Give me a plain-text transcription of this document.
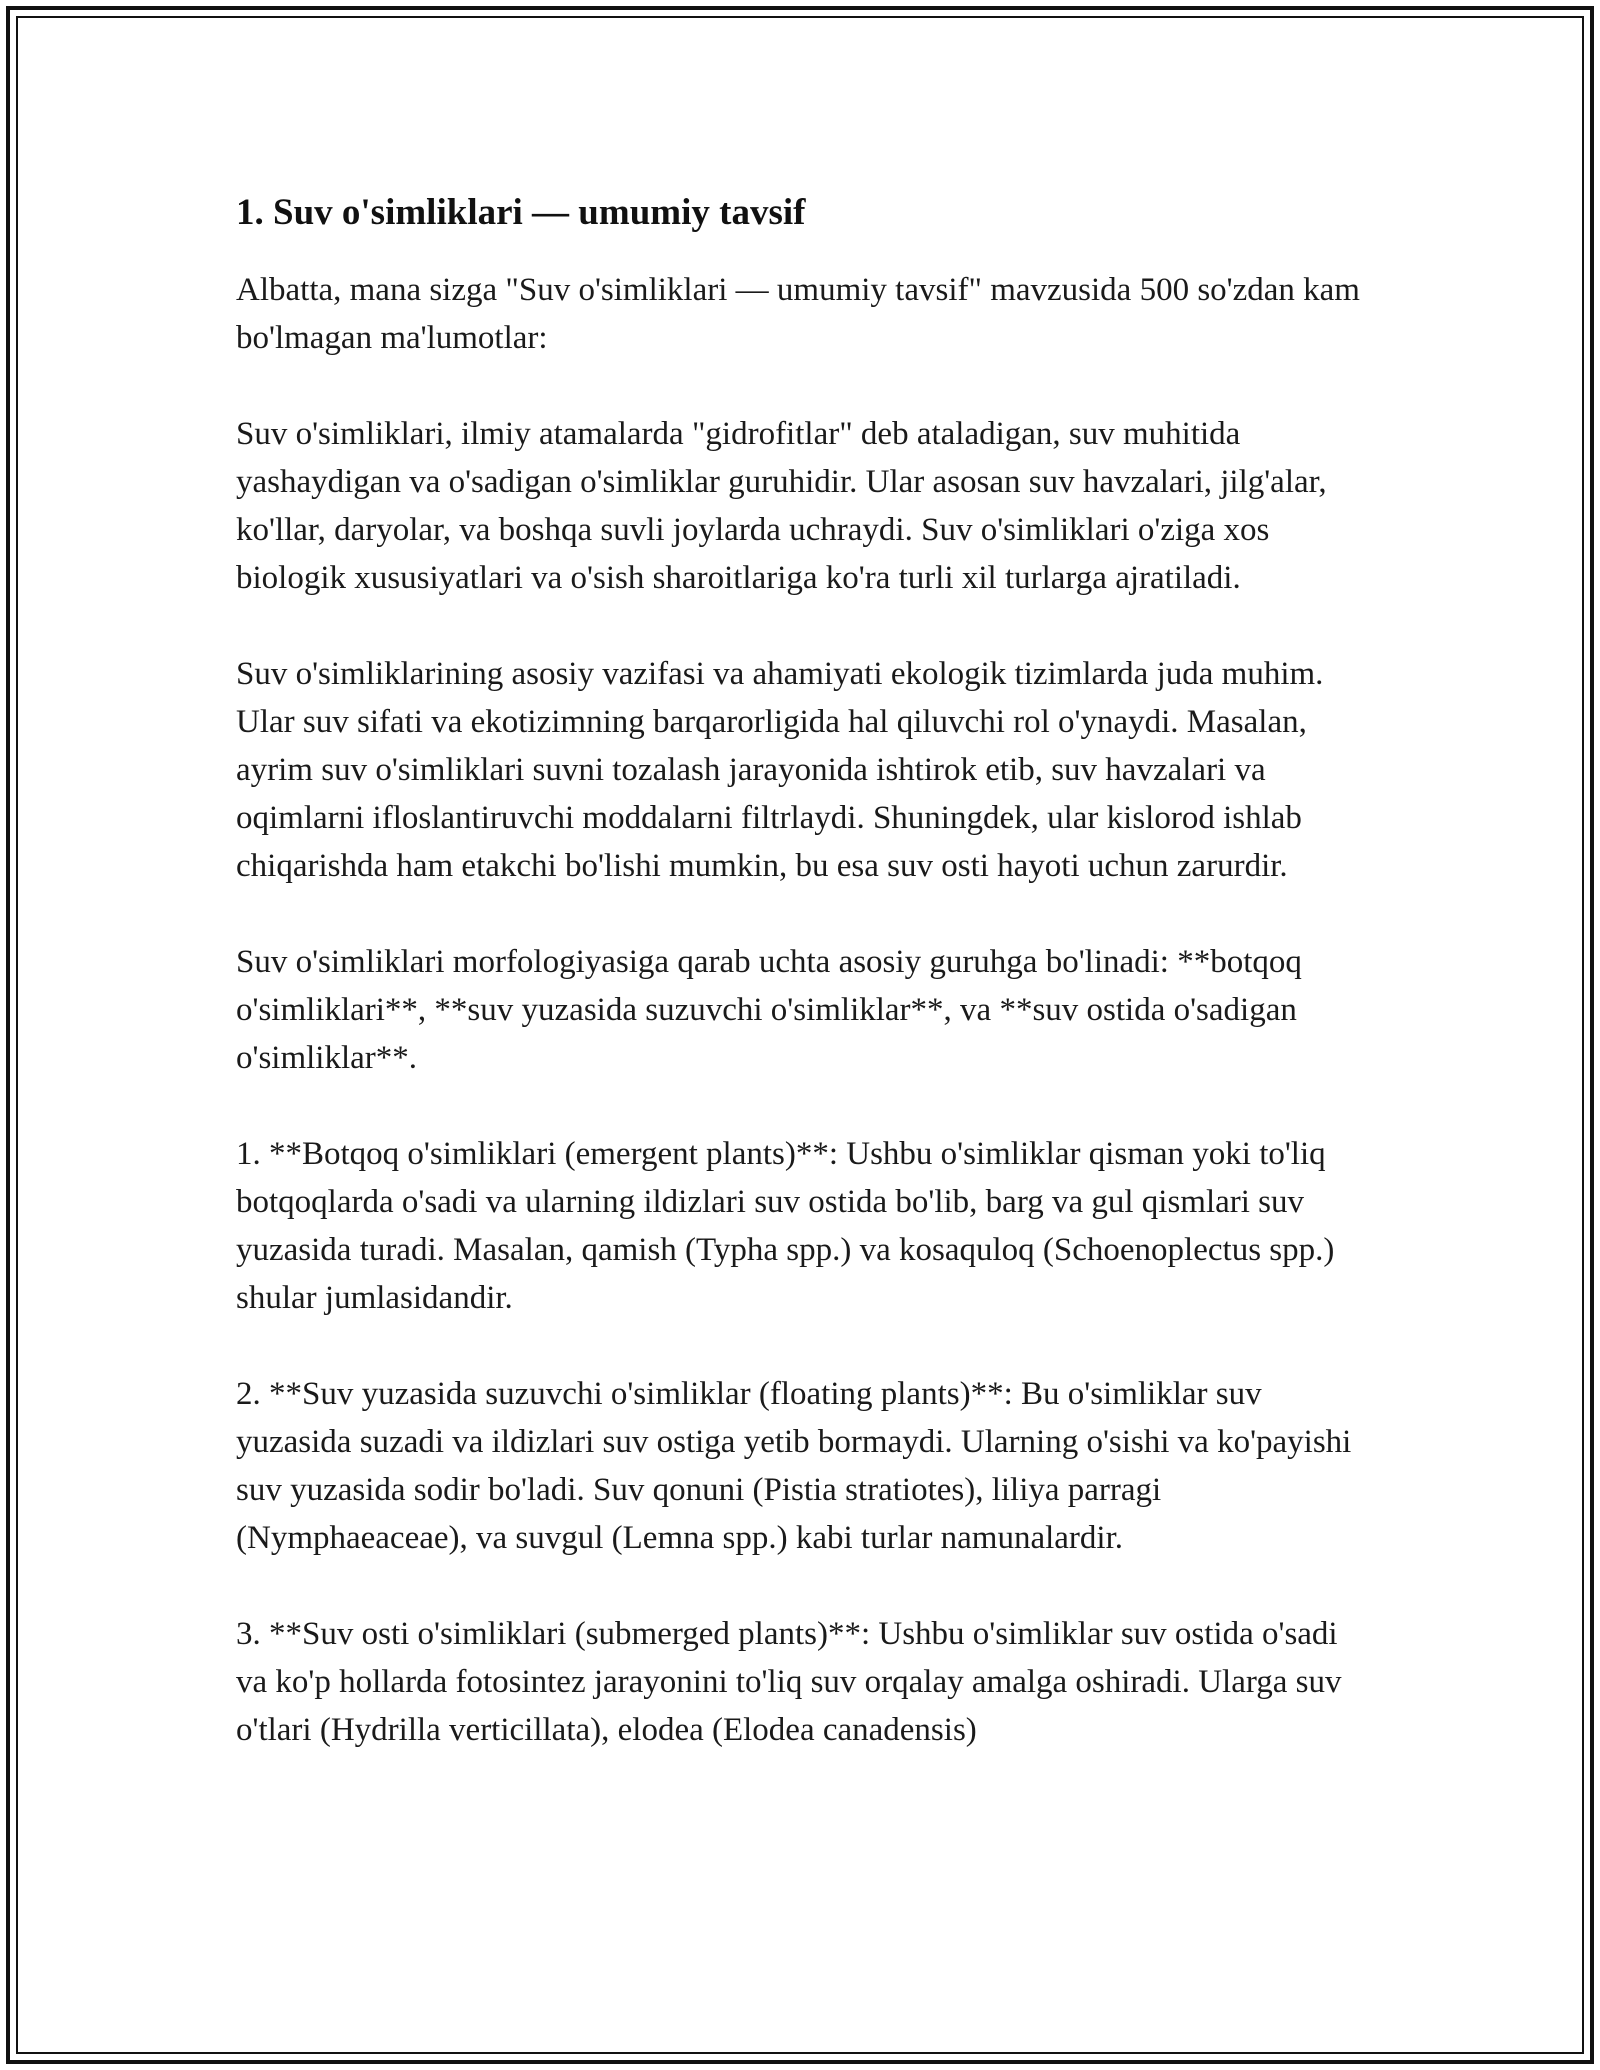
1. Suv o'simliklari — umumiy tavsif

Albatta, mana sizga "Suv o'simliklari — umumiy tavsif" mavzusida 500 so'zdan kam bo'lmagan ma'lumotlar:

Suv o'simliklari, ilmiy atamalarda "gidrofitlar" deb ataladigan, suv muhitida yashaydigan va o'sadigan o'simliklar guruhidir. Ular asosan suv havzalari, jilg'alar, ko'llar, daryolar, va boshqa suvli joylarda uchraydi. Suv o'simliklari o'ziga xos biologik xususiyatlari va o'sish sharoitlariga ko'ra turli xil turlarga ajratiladi.

Suv o'simliklarining asosiy vazifasi va ahamiyati ekologik tizimlarda juda muhim. Ular suv sifati va ekotizimning barqarorligida hal qiluvchi rol o'ynaydi. Masalan, ayrim suv o'simliklari suvni tozalash jarayonida ishtirok etib, suv havzalari va oqimlarni ifloslantiruvchi moddalarni filtrlaydi. Shuningdek, ular kislorod ishlab chiqarishda ham etakchi bo'lishi mumkin, bu esa suv osti hayoti uchun zarurdir.

Suv o'simliklari morfologiyasiga qarab uchta asosiy guruhga bo'linadi: **botqoq o'simliklari**, **suv yuzasida suzuvchi o'simliklar**, va **suv ostida o'sadigan o'simliklar**.

1. **Botqoq o'simliklari (emergent plants)**: Ushbu o'simliklar qisman yoki to'liq botqoqlarda o'sadi va ularning ildizlari suv ostida bo'lib, barg va gul qismlari suv yuzasida turadi. Masalan, qamish (Typha spp.) va kosaquloq (Schoenoplectus spp.) shular jumlasidandir.

2. **Suv yuzasida suzuvchi o'simliklar (floating plants)**: Bu o'simliklar suv yuzasida suzadi va ildizlari suv ostiga yetib bormaydi. Ularning o'sishi va ko'payishi suv yuzasida sodir bo'ladi. Suv qonuni (Pistia stratiotes), liliya parragi (Nymphaeaceae), va suvgul (Lemna spp.) kabi turlar namunalardir.

3. **Suv osti o'simliklari (submerged plants)**: Ushbu o'simliklar suv ostida o'sadi va ko'p hollarda fotosintez jarayonini to'liq suv orqalay amalga oshiradi. Ularga suv o'tlari (Hydrilla verticillata), elodea (Elodea canadensis)
